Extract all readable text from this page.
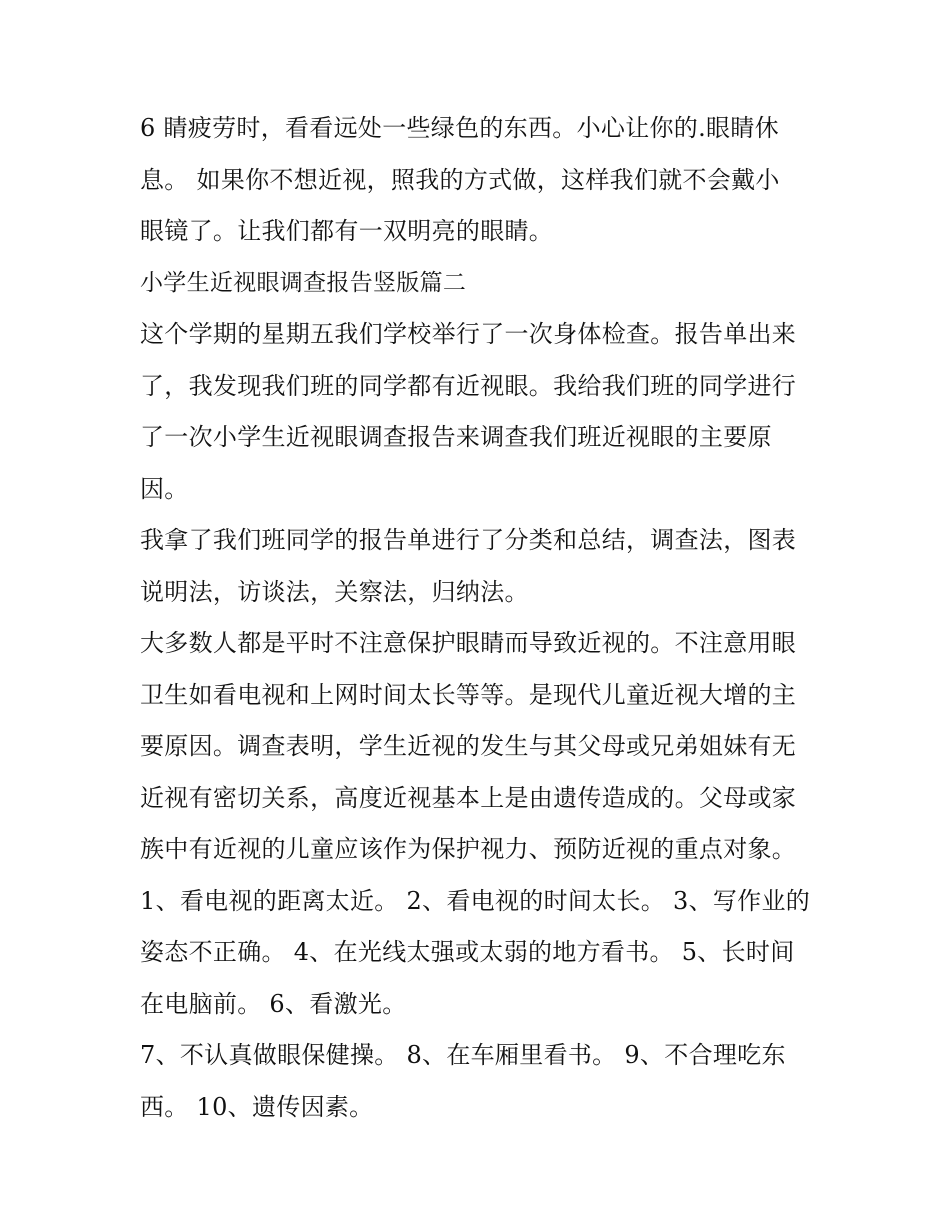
6 睛疲劳时，看看远处一些绿色的东西。小心让你的.眼睛休
息。 如果你不想近视，照我的方式做，这样我们就不会戴小
眼镜了。让我们都有一双明亮的眼睛。
小学生近视眼调查报告竖版篇二
这个学期的星期五我们学校举行了一次身体检查。报告单出来
了，我发现我们班的同学都有近视眼。我给我们班的同学进行
了一次小学生近视眼调查报告来调查我们班近视眼的主要原
因。
我拿了我们班同学的报告单进行了分类和总结，调查法，图表
说明法，访谈法，关察法，归纳法。
大多数人都是平时不注意保护眼睛而导致近视的。不注意用眼
卫生如看电视和上网时间太长等等。是现代儿童近视大增的主
要原因。调查表明，学生近视的发生与其父母或兄弟姐妹有无
近视有密切关系，高度近视基本上是由遗传造成的。父母或家
族中有近视的儿童应该作为保护视力、预防近视的重点对象。
1、看电视的距离太近。 2、看电视的时间太长。 3、写作业的
姿态不正确。 4、在光线太强或太弱的地方看书。 5、长时间
在电脑前。 6、看激光。
7、不认真做眼保健操。 8、在车厢里看书。 9、不合理吃东
西。 10、遗传因素。
